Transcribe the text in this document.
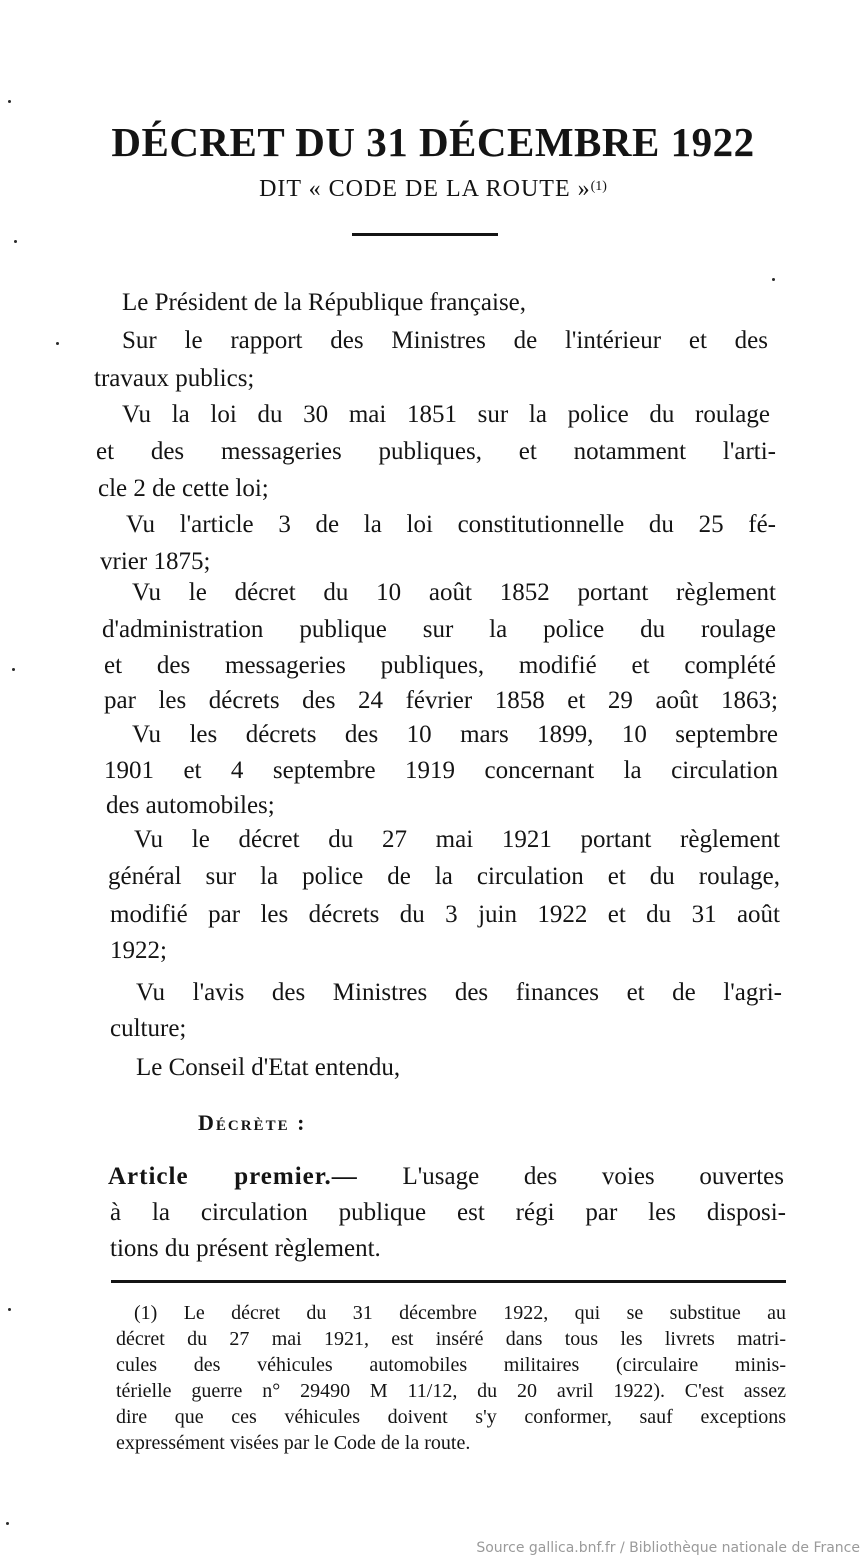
DÉCRET DU 31 DÉCEMBRE 1922
DIT « CODE DE LA ROUTE »$^{(1)}$
Le Président de la République française,
Sur le rapport des Ministres de l'intérieur et des
travaux publics;
Vu la loi du 30 mai 1851 sur la police du roulage
et des messageries publiques, et notamment l'arti-
cle 2 de cette loi;
Vu l'article 3 de la loi constitutionnelle du 25 fé-
vrier 1875;
Vu le décret du 10 août 1852 portant règlement
d'administration publique sur la police du roulage
et des messageries publiques, modifié et complété
par les décrets des 24 février 1858 et 29 août 1863;
Vu les décrets des 10 mars 1899, 10 septembre
1901 et 4 septembre 1919 concernant la circulation
des automobiles;
Vu le décret du 27 mai 1921 portant règlement
général sur la police de la circulation et du roulage,
modifié par les décrets du 3 juin 1922 et du 31 août
1922;
Vu l'avis des Ministres des finances et de l'agri-
culture;
Le Conseil d'Etat entendu,
Décrète :
Article premier.— L'usage des voies ouvertes
à la circulation publique est régi par les disposi-
tions du présent règlement.
(1) Le décret du 31 décembre 1922, qui se substitue au
décret du 27 mai 1921, est inséré dans tous les livrets matri-
cules des véhicules automobiles militaires (circulaire minis-
térielle guerre n° 29490 M 11/12, du 20 avril 1922). C'est assez
dire que ces véhicules doivent s'y conformer, sauf exceptions
expressément visées par le Code de la route.
Source gallica.bnf.fr / Bibliothèque nationale de France
